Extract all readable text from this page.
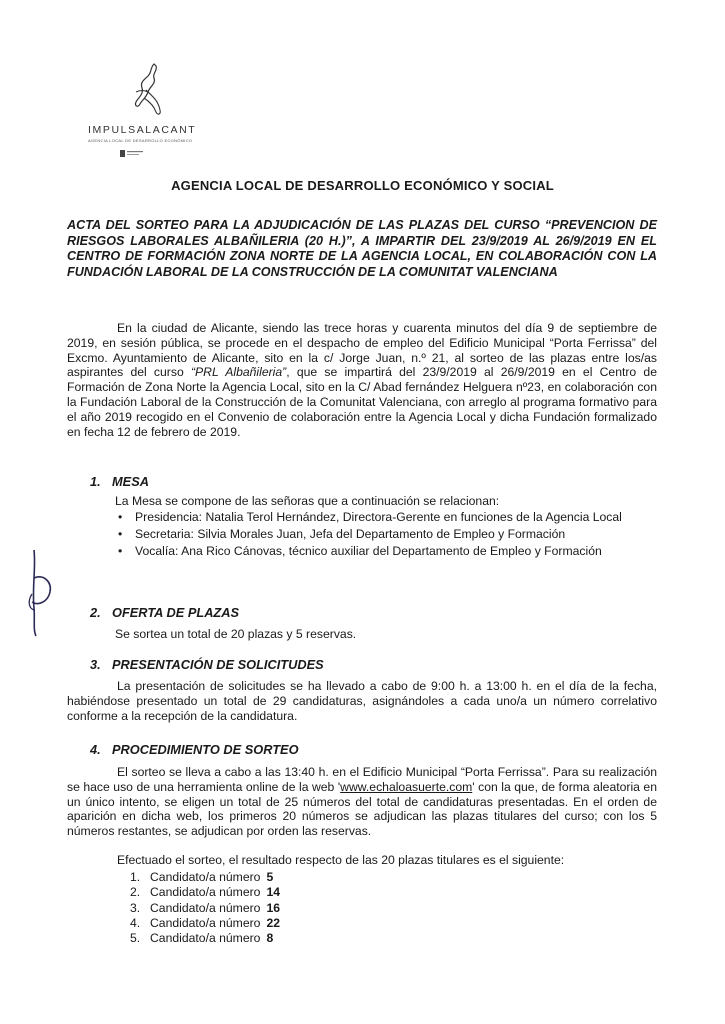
IMPULSALACANT
AGENCIA LOCAL DE DESARROLLO ECONÓMICO
AGENCIA LOCAL DE DESARROLLO ECONÓMICO Y SOCIAL
ACTA DEL SORTEO PARA LA ADJUDICACIÓN DE LAS PLAZAS DEL CURSO “PREVENCION DE RIESGOS LABORALES ALBAÑILERIA (20 H.)”, A IMPARTIR DEL 23/9/2019 AL 26/9/2019 EN EL CENTRO DE FORMACIÓN ZONA NORTE DE LA AGENCIA LOCAL, EN COLABORACIÓN CON LA FUNDACIÓN LABORAL DE LA CONSTRUCCIÓN DE LA COMUNITAT VALENCIANA
En la ciudad de Alicante, siendo las trece horas y cuarenta minutos del día 9 de septiembre de 2019, en sesión pública, se procede en el despacho de empleo del Edificio Municipal “Porta Ferrissa” del Excmo. Ayuntamiento de Alicante, sito en la c/ Jorge Juan, n.º 21, al sorteo de las plazas entre los/as aspirantes del curso “PRL Albañileria”, que se impartirá del 23/9/2019 al 26/9/2019 en el Centro de Formación de Zona Norte la Agencia Local, sito en la C/ Abad fernández Helguera nº23, en colaboración con la Fundación Laboral de la Construcción de la Comunitat Valenciana, con arreglo al programa formativo para el año 2019 recogido en el Convenio de colaboración entre la Agencia Local y dicha Fundación formalizado en fecha 12 de febrero de 2019.
1. MESA
La Mesa se compone de las señoras que a continuación se relacionan:
• Presidencia: Natalia Terol Hernández, Directora-Gerente en funciones de la Agencia Local
• Secretaria: Silvia Morales Juan, Jefa del Departamento de Empleo y Formación
• Vocalía: Ana Rico Cánovas, técnico auxiliar del Departamento de Empleo y Formación
2. OFERTA DE PLAZAS
Se sortea un total de 20 plazas y 5 reservas.
3. PRESENTACIÓN DE SOLICITUDES
La presentación de solicitudes se ha llevado a cabo de 9:00 h. a 13:00 h. en el día de la fecha, habiéndose presentado un total de 29 candidaturas, asignándoles a cada uno/a un número correlativo conforme a la recepción de la candidatura.
4. PROCEDIMIENTO DE SORTEO
El sorteo se lleva a cabo a las 13:40 h. en el Edificio Municipal “Porta Ferrissa”. Para su realización se hace uso de una herramienta online de la web 'www.echaloasuerte.com' con la que, de forma aleatoria en un único intento, se eligen un total de 25 números del total de candidaturas presentadas. En el orden de aparición en dicha web, los primeros 20 números se adjudican las plazas titulares del curso; con los 5 números restantes, se adjudican por orden las reservas.
Efectuado el sorteo, el resultado respecto de las 20 plazas titulares es el siguiente:
1. Candidato/a número 5
2. Candidato/a número 14
3. Candidato/a número 16
4. Candidato/a número 22
5. Candidato/a número 8
